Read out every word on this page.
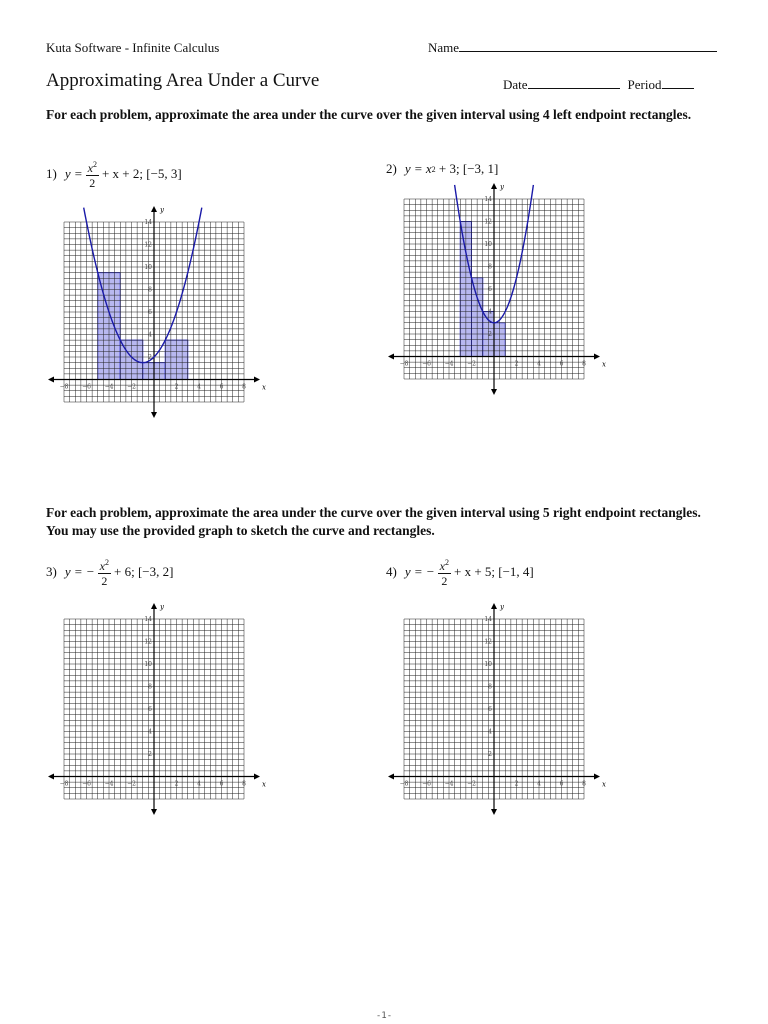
Kuta Software - Infinite Calculus	Name
Approximating Area Under a Curve	Date	Period
For each problem, approximate the area under the curve over the given interval using 4 left endpoint rectangles.
1) $y = \frac{x^2}{2} + x + 2$; [−5, 3]	2) y =
x 2
+ 3; [−3, 1]
For each problem, approximate the area under the curve over the given interval using 5 right endpoint rectangles. You may use the provided graph to sketch the curve and rectangles.
3) y = − $\frac{x^2}{2} + 6$; [−3, 2]	4) y = − $\frac{x^2}{2} + x + 5$; [−1, 4]
−8 −6 −4 −2	2	4	6	8
2
4
6
8
10
12
14
x
y
−8 −6 −4 −2	2	4	6	8
2
4
6
8
10
12
14
x
y
−8 −6 −4 −2	2	4	6	8
2
4
6
8
10
12
14
x
y
−8 −6 −4 −2	2	4	6	8
2
4
6
8
10
12
14
x
y
-1-
